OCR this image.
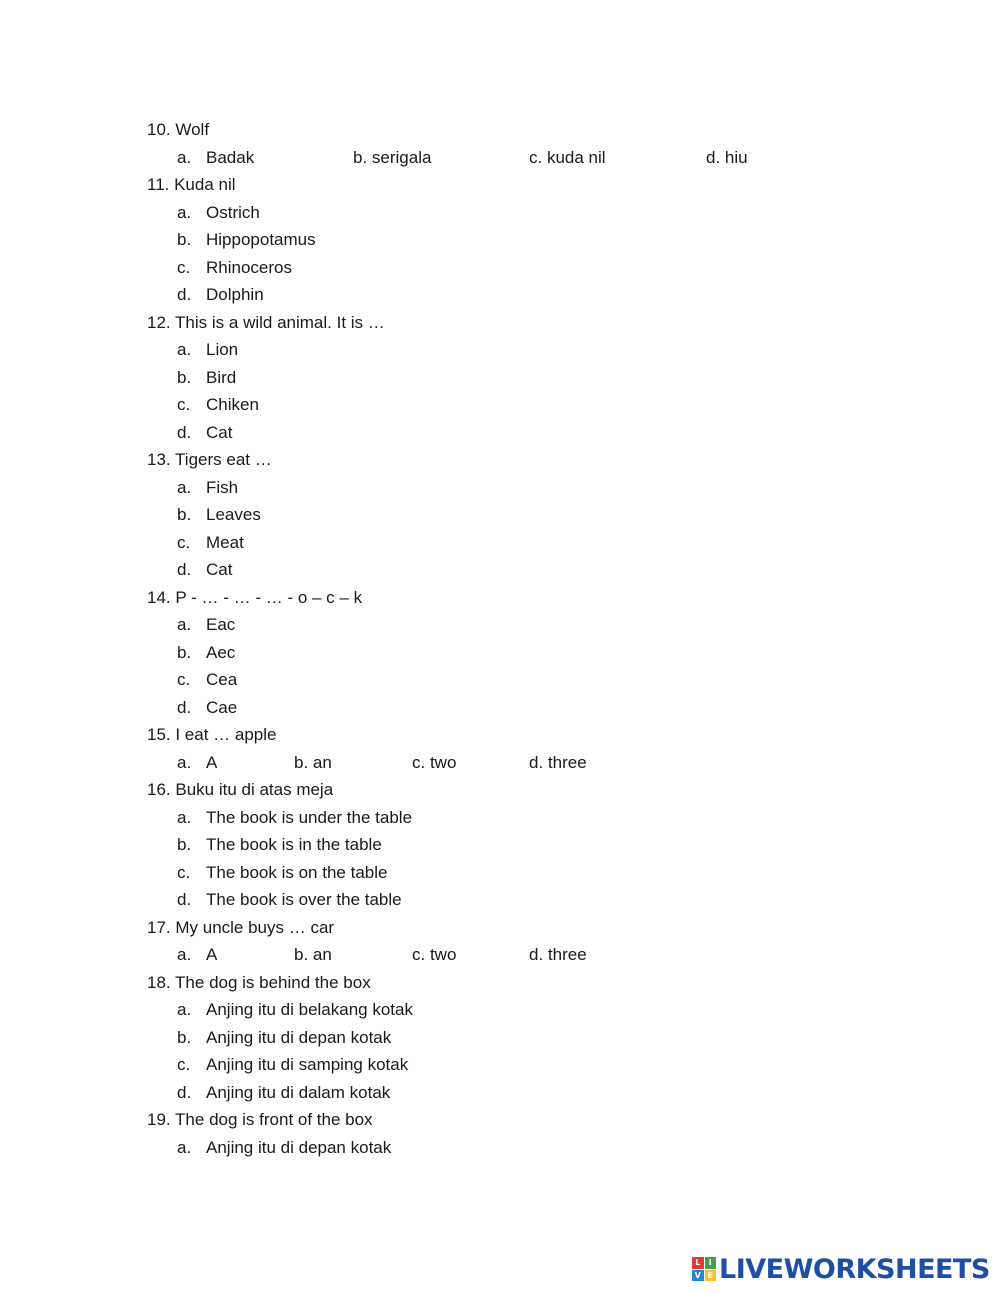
10. Wolf
a. Badak	b. serigala	c. kuda nil	d. hiu
11. Kuda nil
a. Ostrich
b. Hippopotamus
c. Rhinoceros
d. Dolphin
12. This is a wild animal. It is …
a. Lion
b. Bird
c. Chiken
d. Cat
13. Tigers eat …
a. Fish
b. Leaves
c. Meat
d. Cat
14. P - … - … - … - o – c – k
a. Eac
b. Aec
c. Cea
d. Cae
15. I eat … apple
a. A	b. an	c. two	d. three
16. Buku itu di atas meja
a. The book is under the table
b. The book is in the table
c. The book is on the table
d. The book is over the table
17. My uncle buys … car
a. A	b. an	c. two	d. three
18. The dog is behind the box
a. Anjing itu di belakang kotak
b. Anjing itu di depan kotak
c. Anjing itu di samping kotak
d. Anjing itu di dalam kotak
19. The dog is front of the box
a. Anjing itu di depan kotak
L	I
V E LIVEWORKSHEETS
